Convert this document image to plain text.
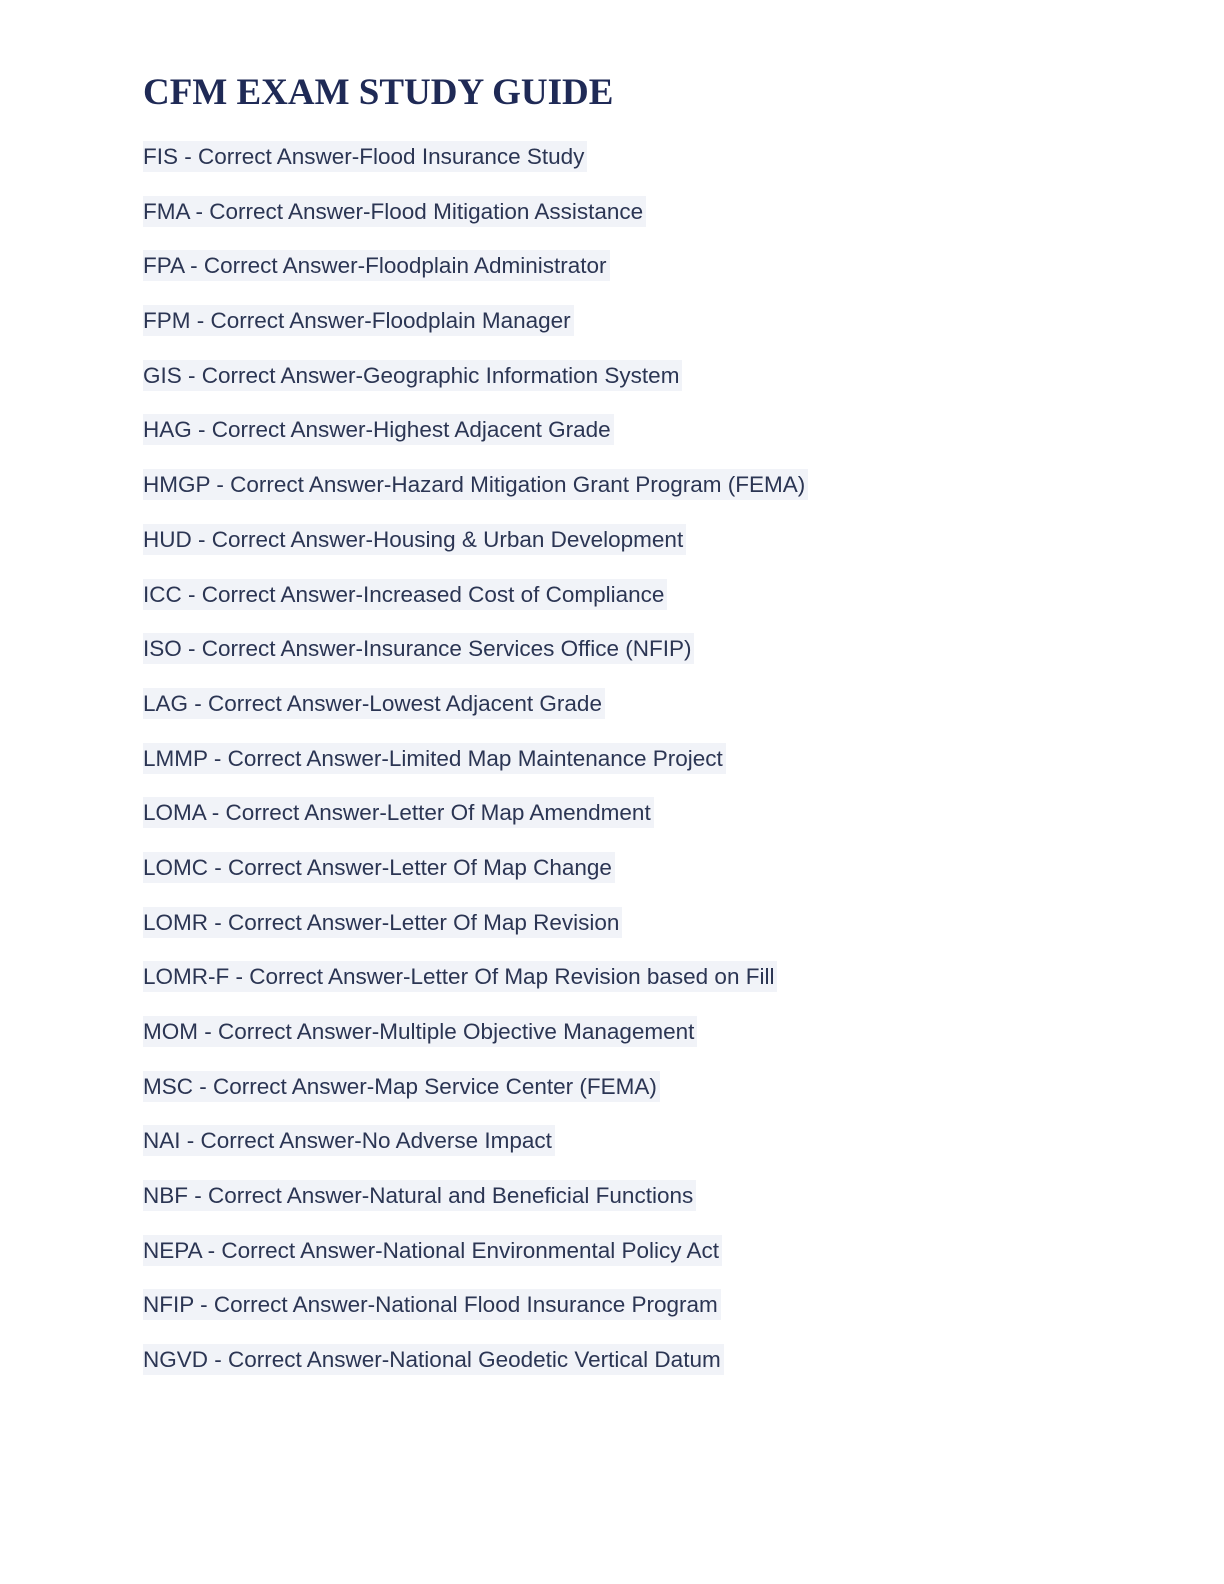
CFM EXAM STUDY GUIDE
FIS - Correct Answer-Flood Insurance Study
FMA - Correct Answer-Flood Mitigation Assistance
FPA - Correct Answer-Floodplain Administrator
FPM - Correct Answer-Floodplain Manager
GIS - Correct Answer-Geographic Information System
HAG - Correct Answer-Highest Adjacent Grade
HMGP - Correct Answer-Hazard Mitigation Grant Program (FEMA)
HUD - Correct Answer-Housing & Urban Development
ICC - Correct Answer-Increased Cost of Compliance
ISO - Correct Answer-Insurance Services Office (NFIP)
LAG - Correct Answer-Lowest Adjacent Grade
LMMP - Correct Answer-Limited Map Maintenance Project
LOMA - Correct Answer-Letter Of Map Amendment
LOMC - Correct Answer-Letter Of Map Change
LOMR - Correct Answer-Letter Of Map Revision
LOMR-F - Correct Answer-Letter Of Map Revision based on Fill
MOM - Correct Answer-Multiple Objective Management
MSC - Correct Answer-Map Service Center (FEMA)
NAI - Correct Answer-No Adverse Impact
NBF - Correct Answer-Natural and Beneficial Functions
NEPA - Correct Answer-National Environmental Policy Act
NFIP - Correct Answer-National Flood Insurance Program
NGVD - Correct Answer-National Geodetic Vertical Datum
